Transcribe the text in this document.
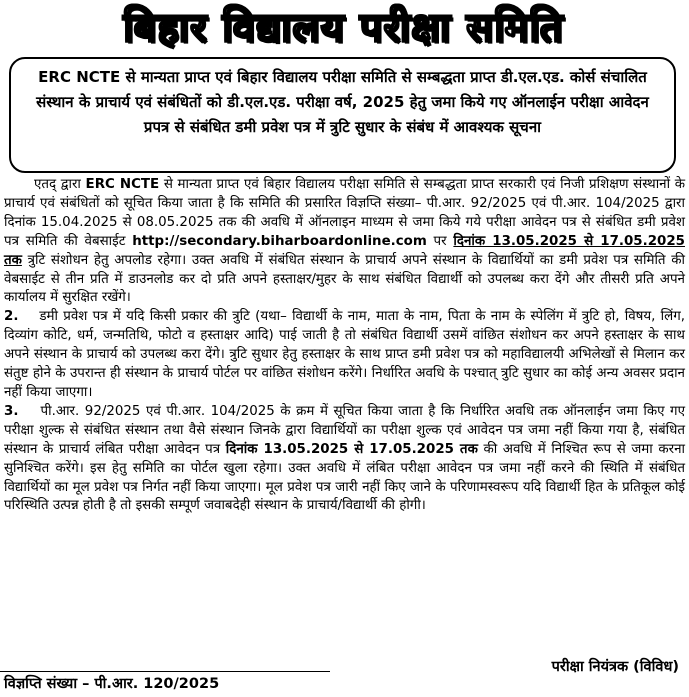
बिहार विद्यालय परीक्षा समिति
ERC NCTE से मान्यता प्राप्त एवं बिहार विद्यालय परीक्षा समिति से सम्बद्धता प्राप्त डी.एल.एड. कोर्स संचालित संस्थान के प्राचार्य एवं संबंधितों को डी.एल.एड. परीक्षा वर्ष, 2025 हेतु जमा किये गए ऑनलाईन परीक्षा आवेदन प्रपत्र से संबंधित डमी प्रवेश पत्र में त्रुटि सुधार के संबंध में आवश्यक सूचना

एतद् द्वारा ERC NCTE से मान्यता प्राप्त एवं बिहार विद्यालय परीक्षा समिति से सम्बद्धता प्राप्त सरकारी एवं निजी प्रशिक्षण संस्थानों के प्राचार्य एवं संबंधितों को सूचित किया जाता है कि समिति की प्रसारित विज्ञप्ति संख्या– पी.आर. 92/2025 एवं पी.आर. 104/2025 द्वारा दिनांक 15.04.2025 से 08.05.2025 तक की अवधि में ऑनलाइन माध्यम से जमा किये गये परीक्षा आवेदन पत्र से संबंधित डमी प्रवेश पत्र समिति की वेबसाईट http://secondary.biharboardonline.com पर दिनांक 13.05.2025 से 17.05.2025 तक त्रुटि संशोधन हेतु अपलोड रहेगा। उक्त अवधि में संबंधित संस्थान के प्राचार्य अपने संस्थान के विद्यार्थियों का डमी प्रवेश पत्र समिति की वेबसाईट से तीन प्रति में डाउनलोड कर दो प्रति अपने हस्ताक्षर/मुहर के साथ संबंधित विद्यार्थी को उपलब्ध करा देंगे और तीसरी प्रति अपने कार्यालय में सुरक्षित रखेंगे।

2. डमी प्रवेश पत्र में यदि किसी प्रकार की त्रुटि (यथा– विद्यार्थी के नाम, माता के नाम, पिता के नाम के स्पेलिंग में त्रुटि हो, विषय, लिंग, दिव्यांग कोटि, धर्म, जन्मतिथि, फोटो व हस्ताक्षर आदि) पाई जाती है तो संबंधित विद्यार्थी उसमें वांछित संशोधन कर अपने हस्ताक्षर के साथ अपने संस्थान के प्राचार्य को उपलब्ध करा देंगे। त्रुटि सुधार हेतु हस्ताक्षर के साथ प्राप्त डमी प्रवेश पत्र को महाविद्यालयी अभिलेखों से मिलान कर संतुष्ट होने के उपरान्त ही संस्थान के प्राचार्य पोर्टल पर वांछित संशोधन करेंगे। निर्धारित अवधि के पश्चात् त्रुटि सुधार का कोई अन्य अवसर प्रदान नहीं किया जाएगा।

3. पी.आर. 92/2025 एवं पी.आर. 104/2025 के क्रम में सूचित किया जाता है कि निर्धारित अवधि तक ऑनलाईन जमा किए गए परीक्षा शुल्क से संबंधित संस्थान तथा वैसे संस्थान जिनके द्वारा विद्यार्थियों का परीक्षा शुल्क एवं आवेदन पत्र जमा नहीं किया गया है, संबंधित संस्थान के प्राचार्य लंबित परीक्षा आवेदन पत्र दिनांक 13.05.2025 से 17.05.2025 तक की अवधि में निश्चित रूप से जमा करना सुनिश्चित करेंगे। इस हेतु समिति का पोर्टल खुला रहेगा। उक्त अवधि में लंबित परीक्षा आवेदन पत्र जमा नहीं करने की स्थिति में संबंधित विद्यार्थियों का मूल प्रवेश पत्र निर्गत नहीं किया जाएगा। मूल प्रवेश पत्र जारी नहीं किए जाने के परिणामस्वरूप यदि विद्यार्थी हित के प्रतिकूल कोई परिस्थिति उत्पन्न होती है तो इसकी सम्पूर्ण जवाबदेही संस्थान के प्राचार्य/विद्यार्थी की होगी।

विज्ञप्ति संख्या – पी.आर. 120/2025
परीक्षा नियंत्रक (विविध)
